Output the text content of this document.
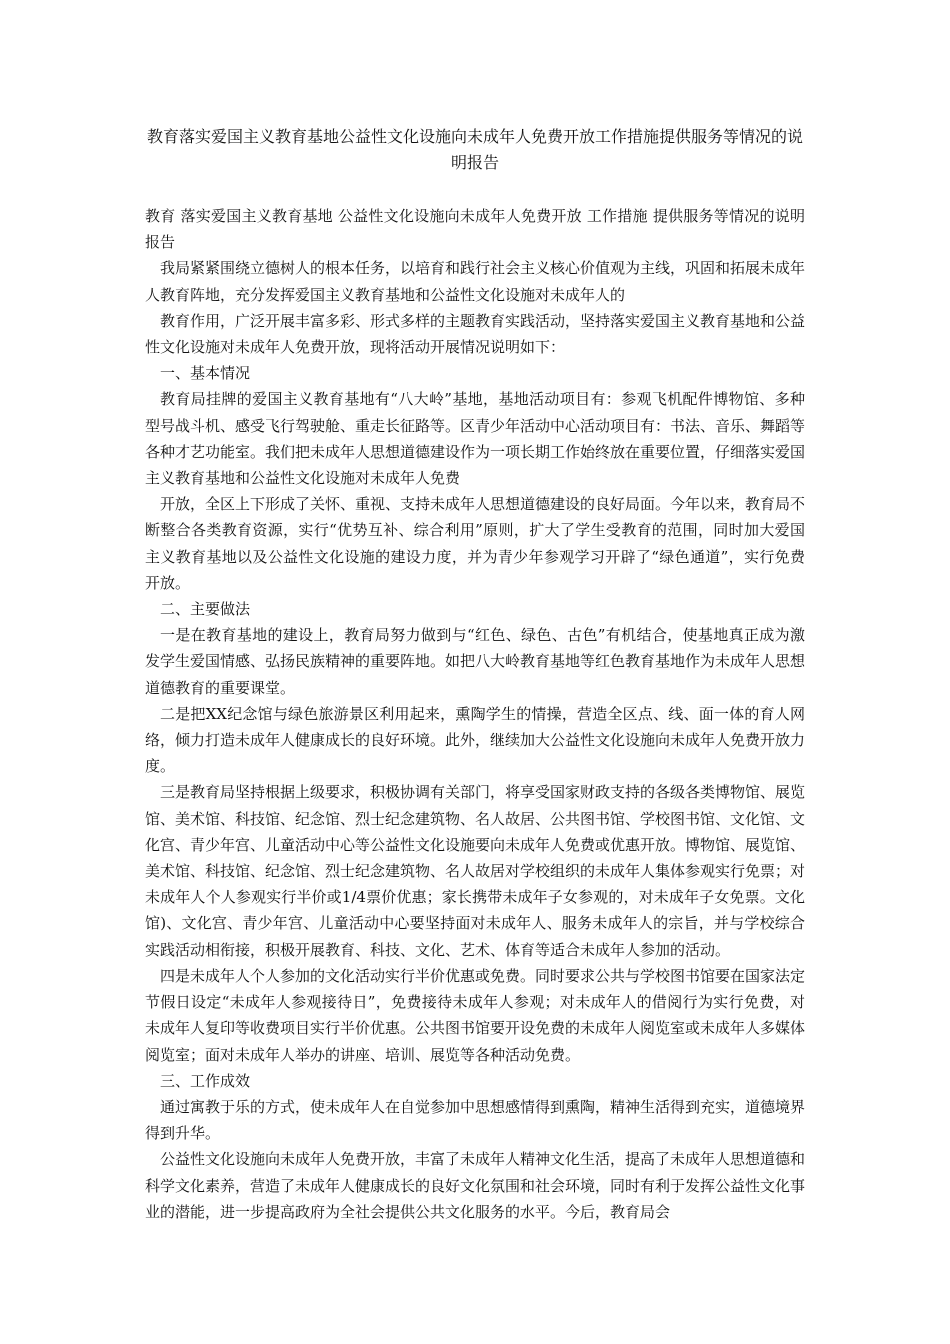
教育落实爱国主义教育基地公益性文化设施向未成年人免费开放工作措施提供服务等情况的说明报告

教育 落实爱国主义教育基地 公益性文化设施向未成年人免费开放 工作措施 提供服务等情况的说明报告

我局紧紧围绕立德树人的根本任务，以培育和践行社会主义核心价值观为主线，巩固和拓展未成年人教育阵地，充分发挥爱国主义教育基地和公益性文化设施对未成年人的

教育作用，广泛开展丰富多彩、形式多样的主题教育实践活动，坚持落实爱国主义教育基地和公益性文化设施对未成年人免费开放，现将活动开展情况说明如下：

一、基本情况

教育局挂牌的爱国主义教育基地有“八大岭”基地，基地活动项目有：参观飞机配件博物馆、多种型号战斗机、感受飞行驾驶舱、重走长征路等。区青少年活动中心活动项目有：书法、音乐、舞蹈等各种才艺功能室。我们把未成年人思想道德建设作为一项长期工作始终放在重要位置，仔细落实爱国主义教育基地和公益性文化设施对未成年人免费

开放，全区上下形成了关怀、重视、支持未成年人思想道德建设的良好局面。今年以来，教育局不断整合各类教育资源，实行“优势互补、综合利用”原则，扩大了学生受教育的范围，同时加大爱国主义教育基地以及公益性文化设施的建设力度，并为青少年参观学习开辟了“绿色通道”，实行免费开放。

二、主要做法

一是在教育基地的建设上，教育局努力做到与“红色、绿色、古色”有机结合，使基地真正成为激发学生爱国情感、弘扬民族精神的重要阵地。如把八大岭教育基地等红色教育基地作为未成年人思想道德教育的重要课堂。

二是把XX纪念馆与绿色旅游景区利用起来，熏陶学生的情操，营造全区点、线、面一体的育人网络，倾力打造未成年人健康成长的良好环境。此外，继续加大公益性文化设施向未成年人免费开放力度。

三是教育局坚持根据上级要求，积极协调有关部门，将享受国家财政支持的各级各类博物馆、展览馆、美术馆、科技馆、纪念馆、烈士纪念建筑物、名人故居、公共图书馆、学校图书馆、文化馆、文化宫、青少年宫、儿童活动中心等公益性文化设施要向未成年人免费或优惠开放。博物馆、展览馆、美术馆、科技馆、纪念馆、烈士纪念建筑物、名人故居对学校组织的未成年人集体参观实行免票；对未成年人个人参观实行半价或1/4票价优惠；家长携带未成年子女参观的，对未成年子女免票。文化馆)、文化宫、青少年宫、儿童活动中心要坚持面对未成年人、服务未成年人的宗旨，并与学校综合实践活动相衔接，积极开展教育、科技、文化、艺术、体育等适合未成年人参加的活动。

四是未成年人个人参加的文化活动实行半价优惠或免费。同时要求公共与学校图书馆要在国家法定节假日设定“未成年人参观接待日”，免费接待未成年人参观；对未成年人的借阅行为实行免费，对未成年人复印等收费项目实行半价优惠。公共图书馆要开设免费的未成年人阅览室或未成年人多媒体阅览室；面对未成年人举办的讲座、培训、展览等各种活动免费。

三、工作成效

通过寓教于乐的方式，使未成年人在自觉参加中思想感情得到熏陶，精神生活得到充实，道德境界得到升华。

公益性文化设施向未成年人免费开放，丰富了未成年人精神文化生活，提高了未成年人思想道德和科学文化素养，营造了未成年人健康成长的良好文化氛围和社会环境，同时有利于发挥公益性文化事业的潜能，进一步提高政府为全社会提供公共文化服务的水平。今后，教育局会
